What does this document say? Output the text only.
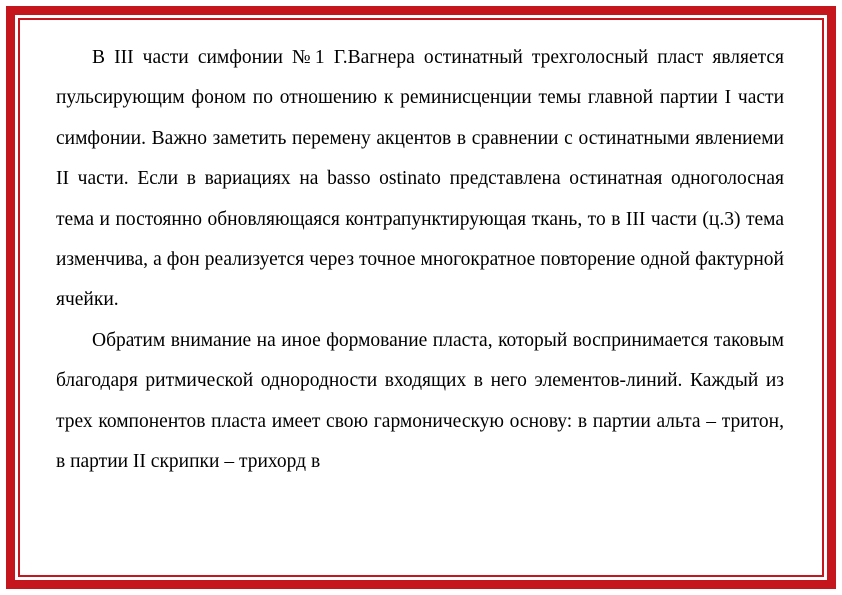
В III части симфонии №1 Г.Вагнера остинатный трехголосный пласт является пульсирующим фоном по отношению к реминисценции темы главной партии I части симфонии. Важно заметить перемену акцентов в сравнении с остинатными явлениеми II части. Если в вариациях на basso ostinato представлена остинатная одноголосная тема и постоянно обновляющаяся контрапунктирующая ткань, то в III части (ц.3) тема изменчива, а фон реализуется через точное многократное повторение одной фактурной ячейки.

Обратим внимание на иное формование пласта, который воспринимается таковым благодаря ритмической однородности входящих в него элементов-линий. Каждый из трех компонентов пласта имеет свою гармоническую основу: в партии альта – тритон, в партии II скрипки – трихорд в
